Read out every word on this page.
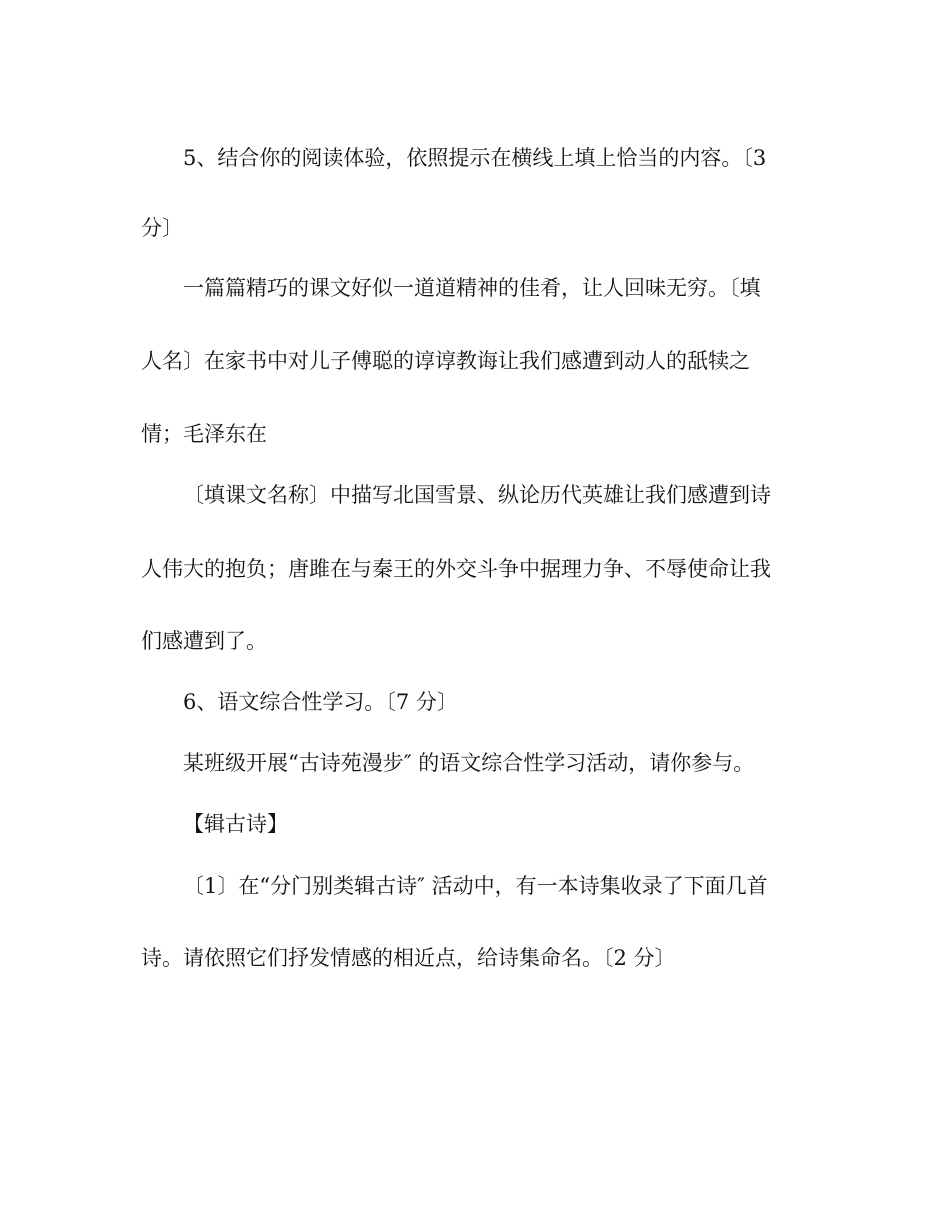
5、结合你的阅读体验，依照提示在横线上填上恰当的内容。〔3
分〕
一篇篇精巧的课文好似一道道精神的佳肴，让人回味无穷。〔填
人名〕在家书中对儿子傅聪的谆谆教诲让我们感遭到动人的舐犊之
情；毛泽东在
〔填课文名称〕中描写北国雪景、纵论历代英雄让我们感遭到诗
人伟大的抱负；唐雎在与秦王的外交斗争中据理力争、不辱使命让我
们感遭到了。
6、语文综合性学习。〔7 分〕
某班级开展“古诗苑漫步″ 的语文综合性学习活动，请你参与。
【辑古诗】
〔1〕在“分门别类辑古诗″ 活动中，有一本诗集收录了下面几首
诗。请依照它们抒发情感的相近点，给诗集命名。〔2 分〕
